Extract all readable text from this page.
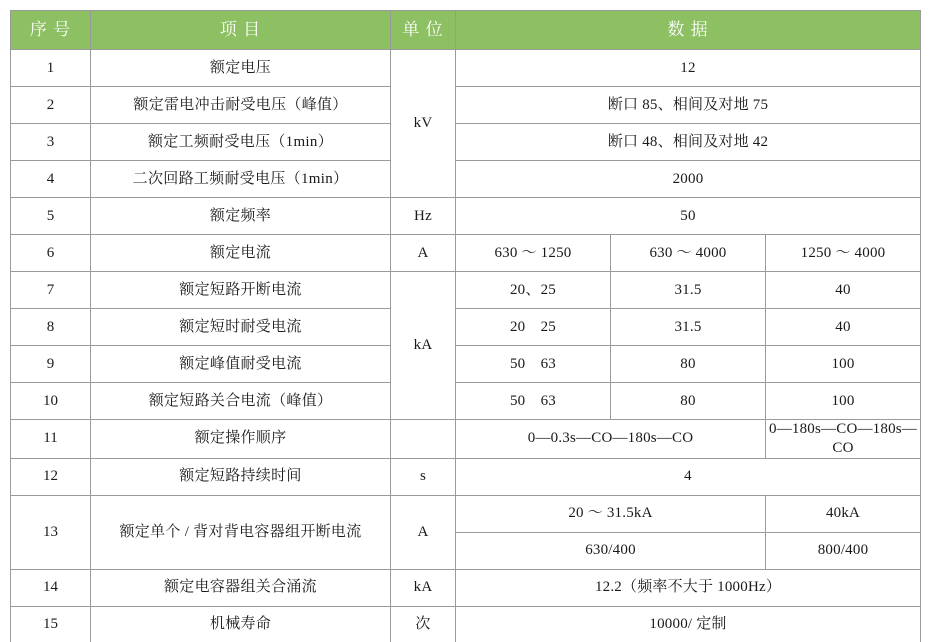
序 号	项 目	单 位	数 据		
1	额定电压	kV	12		
2	额定雷电冲击耐受电压（峰值）		断口 85、相间及对地 75		
3	额定工频耐受电压（1min）		断口 48、相间及对地 42		
4	二次回路工频耐受电压（1min）		2000		
5	额定频率	Hz	50		
6	额定电流	A	630 ～ 1250	630 ～ 4000	1250 ～ 4000
7	额定短路开断电流	kA	20、25	31.5	40
8	额定短时耐受电流		20　25	31.5	40
9	额定峰值耐受电流		50　63	80	100
10	额定短路关合电流（峰值）		50　63	80	100
11	额定操作顺序		0—0.3s—CO—180s—CO		0—180s—CO—180s—CO
12	额定短路持续时间	s	4		
13	额定单个 / 背对背电容器组开断电流	A	20 ～ 31.5kA		40kA
			630/400		800/400
14	额定电容器组关合涌流	kA	12.2（频率不大于 1000Hz）		
15	机械寿命	次	10000/ 定制		
